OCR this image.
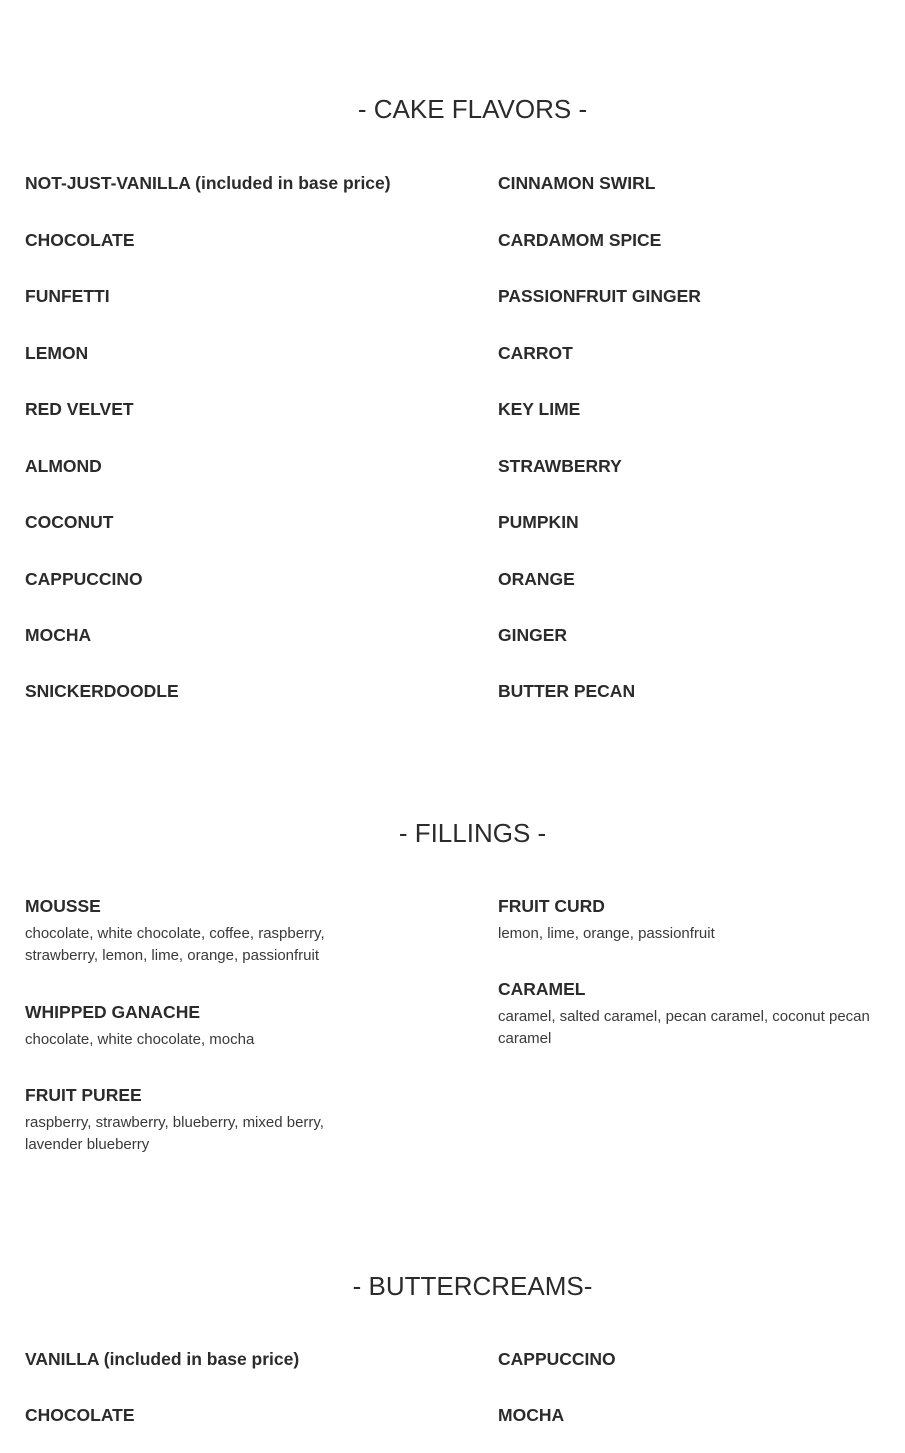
- CAKE FLAVORS -
NOT-JUST-VANILLA (included in base price)
CHOCOLATE
FUNFETTI
LEMON
RED VELVET
ALMOND
COCONUT
CAPPUCCINO
MOCHA
SNICKERDOODLE
CINNAMON SWIRL
CARDAMOM SPICE
PASSIONFRUIT GINGER
CARROT
KEY LIME
STRAWBERRY
PUMPKIN
ORANGE
GINGER
BUTTER PECAN
- FILLINGS -
MOUSSE
chocolate, white chocolate, coffee, raspberry, strawberry, lemon, lime, orange, passionfruit
WHIPPED GANACHE
chocolate, white chocolate, mocha
FRUIT PUREE
raspberry, strawberry, blueberry, mixed berry, lavender blueberry
FRUIT CURD
lemon, lime, orange, passionfruit
CARAMEL
caramel, salted caramel, pecan caramel, coconut pecan caramel
- BUTTERCREAMS-
VANILLA (included in base price)
CHOCOLATE
CAPPUCCINO
MOCHA
